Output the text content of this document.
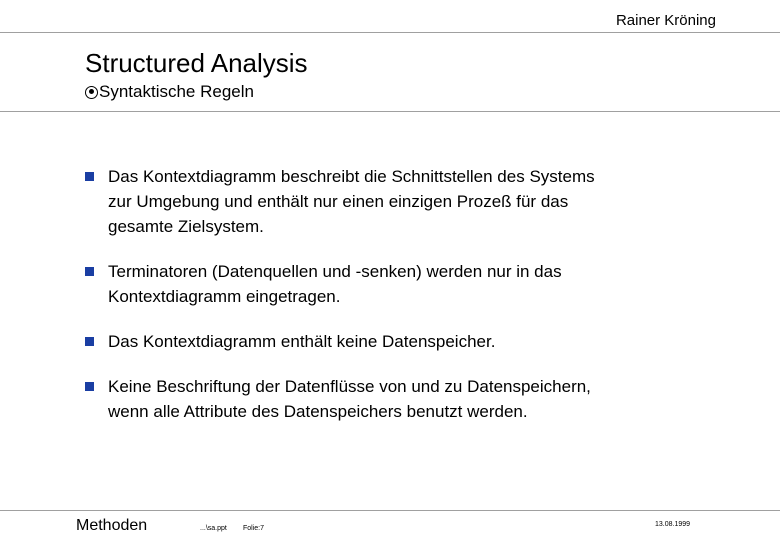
Rainer Kröning
Structured Analysis
Syntaktische Regeln
Das Kontextdiagramm beschreibt die Schnittstellen des Systems
zur Umgebung und enthält nur einen einzigen Prozeß für das
gesamte Zielsystem.
Terminatoren (Datenquellen und -senken) werden nur in das
Kontextdiagramm eingetragen.
Das Kontextdiagramm enthält keine Datenspeicher.
Keine Beschriftung der Datenflüsse von und zu Datenspeichern,
wenn alle Attribute des Datenspeichers benutzt werden.
Methoden	...\sa.ppt Folie:7
13.08.1999
